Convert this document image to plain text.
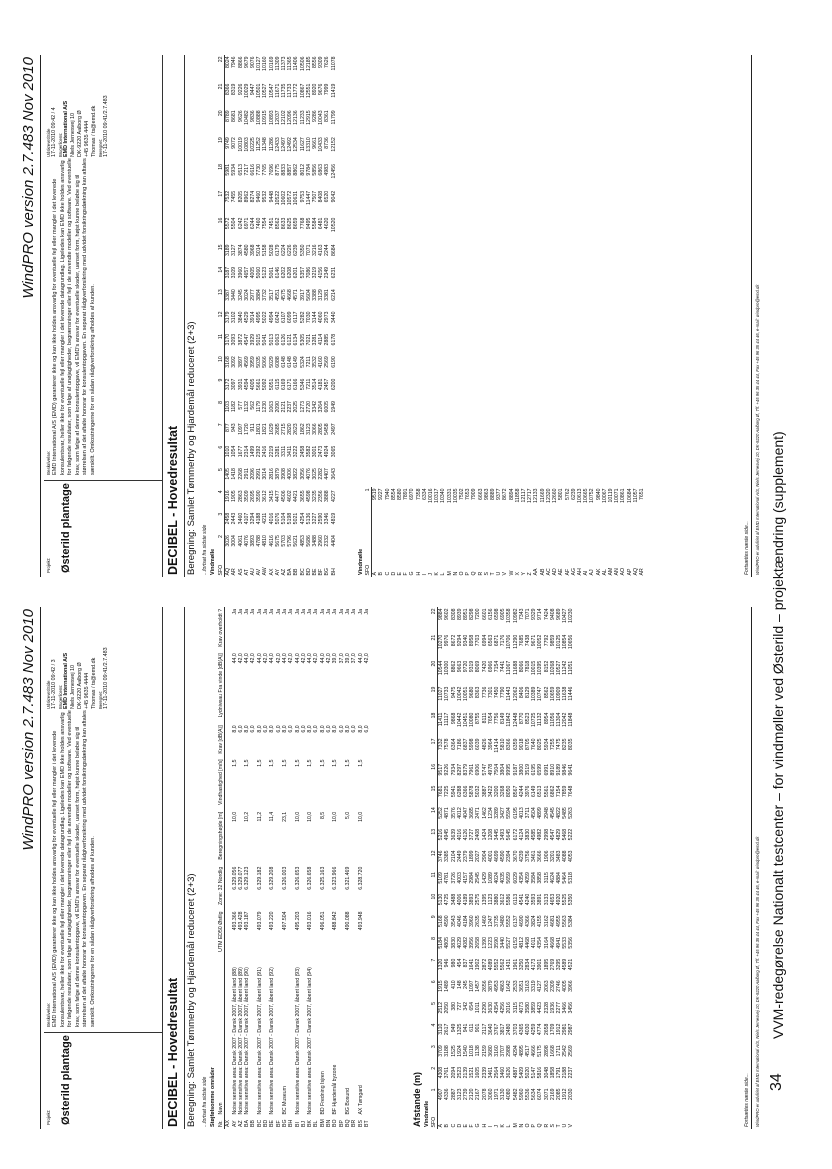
WindPRO version 2.7.483 Nov 2010
Projekt: Østerild plantage
Beskrivelse: EMD International A/S (EMD) garanterer ikke og kan ikke holdes ansvarlig for eventuelle fejl eller mangler i det leverede konsulentsvar, heller ikke for eventuelle fejl eller mangler i det leverede datagrundlag. Ligeledes kan EMD ikke holdes ansvarlig for følgende resultater, som følge af unøjagtigheder, begrænsninger eller fejl i de anvendte modeller og software. Ved eventuelle krav, som følge af denne konsulentopgave, vil EMD's ansvar for eventuelle skader, uanset form, højst kunne beløbe sig til størrelsen af det aftalte honorar for konsulentopgaven. En separat rådgiverforsikring med udvidet forsikringsdækning kan aftales særskilt. Omkostningerne for en sådan rådgiverforsikring afholdes af kunden.
Udskrevet/Side 17-11-2010 09:42 / 3 Brugerlicens: EMD International A/S Niels Jernesvej 10 DK-9220 Aalborg Ø +45 9635 4444 Thomas / ts@emd.dk Beregnet: 17-11-2010 09:41/2.7.483
DECIBEL - Hovedresultat Beregning: Samlet Tømmerby og Hjardemål reduceret (2+3) ...fortsat fra sidste side Støjfølsomme områder Nr.	Navn	UTM ED50 Østlig	Zone: 32 Nordlig	Beregningshøjde [m]	Vindhastighed [m/s]	Krav [dB(A)]	Lydniveau Fra vinde [dB(A)]	Krav overholdt ?
AX								
AY	Noise sensitive area: Dansk 2007 - Dansk 2007, åbent land (88)	493.366	6.329.056	10,0	1,5	8,0	44,0	Ja
AZ	Noise sensitive area: Dansk 2007 - Dansk 2007, åbent land (89)	493.428	6.329.077			6,0	42,0	Ja
BA	Noise sensitive area: Dansk 2007 - Dansk 2007, åbent land (90)	493.187	6.329.123	10,2	1,5	8,0	44,0	Ja
BB						6,0	42,0	Ja
BC	Noise sensitive area: Dansk 2007 - Dansk 2007, åbent land (91)	493.079	6.329.182	11,2	1,5	8,0	44,0	Ja
BD						6,0	42,0	Ja
BE	Noise sensitive area: Dansk 2007 - Dansk 2007, åbent land (92)	493.220	6.329.208	11,4	1,5	8,0	44,0	Ja
BF						6,0	42,0	Ja
BG	BC Museum	497.504	6.326.003	23,1	1,5	8,0	44,0	Ja
BH						6,0	42,0	Ja
BI	Noise sensitive area: Dansk 2007 - Dansk 2007, åbent land (93)	495.203	6.326.653	10,0	1,5	8,0	44,0	Ja
BJ						6,0	42,0	Ja
BK	Noise sensitive area: Dansk 2007 - Dansk 2007, åbent land (94)	493.016	6.326.658	10,0	1,5	8,0	44,0	Ja
BL						6,0	42,0	Ja
BM	BD Fredning Isjren	496.051	6.325.163	8,5	1,5	8,0	44,0	Ja
BN						6,0	42,0	Ja
BO	BF Hjardemål byzone	488.842	6.323.966	10,0	1,5	8,0	39,0	Ja
BP						6,0	37,0	Ja
BQ	BG Bosund	490.088	6.321.469	5,0	1,5	8,0	39,0	Ja
BR						6,0	37,0	Ja
BS	AX Tømgard	493.948	6.328.720	10,0	1,5	8,0	44,0	Ja
BT						6,0	42,0	Ja
Afstande (m) Vindmølle SFO	1	2	3	4	5	6	7	8	9	10	11	12	13	14	15	16	17	18	19	20	21	22
A	4907	4308	3709	3110	2512	1915	1320	5184	5168	5130	5109	3746	5216	5252	7681	9517	7332	11411	11027	10544	10270	9884
B	4336	3761	3188	2617	2050	1489	946	4805	4590	4725	4781	3385	4945	4871	7225	9226	7578	11117	10733	10300	9976	9602
C	2887	2094	1525	949	380	410	980	3830	3543	3488	3726	2104	3639	3576	5941	7934	6364	9868	9475	8862	8672	8308
D	3123	2523	1924	1325	727	148	454	4029	4046	4006	4003	2449	4016	4012	6288	8297	7186	10442	10042	9663	9294	8939
E	2739	2139	1540	941	342	245	837	4082	4184	4189	4157	2379	4126	4047	6366	8379	6837	10451	10051	9720	9340	8951
F	2120	1521	1018	611	654	1097	1641	3956	3960	3893	2984	1899	3727	3685	5878	7961	5998	10080	9680	9319	8958	8298
G	2167	1605	1138	901	1011	1457	1902	2658	2635	2575	2545	2027	2408	2471	5032	6906	6039	8755	8363	8069	7703	7200
H	2078	2339	2159	2117	2290	2656	2872	1390	1460	1395	1429	2904	1424	1462	3887	5747	4826	8111	7736	7420	6994	6601
I	3060	3461	3680	3640	3630	3879	4089	1223	1247	1123	1089	4001	1208	1234	3422	4978	3964	7654	7301	6966	6563	6156
J	1971	2564	3160	3767	4354	4953	5552	3590	3735	3880	4024	4699	3445	3289	3200	7504	11414	7756	7450	7154	6871	6598
K	3130	3460	3707	3817	4256	4863	5562	3440	3480	3612	4035	4590	3493	3427	3268	3804	5810	8149	7790	7441	7176	6905
L	4080	3626	2988	2480	2016	1642	1431	5527	5552	5586	5659	2394	5645	5594	8050	9995	8366	11842	11443	11067	10706	10358
M	5482	4887	4294	3703	3115	2533	1961	6152	6137	6113	6029	3670	6172	6195	8567	9187	6359	12448	12062	11688	11290	10982
N	5960	5409	4895	4365	4073	3651	3250	4812	4690	4541	4354	4239	4124	4013	4244	3800	9018	8770	8406	8066	7685	7343
O	5536	5020	4517	4030	3580	3163	2834	4468	4366	4240	4059	3756	3830	3711	3976	3519	8705	8523	8129	7818	7438	7071
P	5634	5147	4666	4259	3859	3319	4173	4011	3824	3593	3584	3461	4585	4504	6149	6195	7640	10725	10389	10015	9671	9329
Q	6074	5816	5175	4774	4423	4127	3901	4354	4155	3891	3858	3666	4982	4899	6513	6599	8025	11132	10747	10395	10052	9714
R	3071	3048	2898	2658	2328	2063	1895	3164	3162	3133	3115	1906	2998	2948	5561	6991	5934	8954	8562	8152	7792	7424
S	2169	1858	1668	1709	1936	2309	2769	4668	4681	4653	4624	3201	4547	4545	6862	8910	7255	11056	10659	10268	9859	9408
T	2085	1791	1711	1912	2277	2746	3295	4941	4955	4920	4884	3483	4829	4822	7154	9189	7475	11304	10909	10527	10125	9689
U	1912	2188	2542	2981	3466	4005	4589	5533	5563	5525	5464	4088	5468	5485	7859	9846	8235	12042	11638	11242	10854	10427
V	2030	2237	2569	2987	3456	3966	4521	5356	5384	5350	5318	4053	5222	5263	7648	9641	8035	11848	11446	11051	10656	10230
Fortsættes næste side... WindPRO er udviklet af EMD International A/S, Niels Jernesvej 10, DK-9220 Aalborg Ø, Tlf. +45 96 35 44 44, Fax +45 96 35 44 46, e-mail: windpro@emd.dk
WindPRO version 2.7.483 Nov 2010
Projekt: Østerild plantage
Beskrivelse: EMD International A/S (EMD) garanterer ikke og kan ikke holdes ansvarlig for eventuelle fejl eller mangler i det leverede konsulentsvar, heller ikke for eventuelle fejl eller mangler i det leverede datagrundlag. Ligeledes kan EMD ikke holdes ansvarlig for følgende resultater, som følge af unøjagtigheder, begrænsninger eller fejl i de anvendte modeller og software. Ved eventuelle krav, som følge af denne konsulentopgave, vil EMD's ansvar for eventuelle skader, uanset form, højst kunne beløbe sig til størrelsen af det aftalte honorar for konsulentopgaven. En separat rådgiverforsikring med udvidet forsikringsdækning kan aftales særskilt. Omkostningerne for en sådan rådgiverforsikring afholdes af kunden.
Udskrevet/Side 17-11-2010 09:42 / 4 Brugerlicens: EMD International A/S Niels Jernesvej 10 DK-9220 Aalborg Ø +45 9635 4444 Thomas / ts@emd.dk Beregnet: 17-11-2010 09:41/2.7.483
DECIBEL - Hovedresultat Beregning: Samlet Tømmerby og Hjardemål reduceret (2+3) ...fortsat fra sidste side Vindmølle SFO	2	3	4	5	6	7	8	9	10	11	12	13	14	15	16	17	18	19	20	21	22
AQ	3026	2458	1916	1405	1010	877	1103	3172	3168	3170	3179	3387	3187	3189	5572	7532	5981	9749	8789	8366	8024
AR	3004	2443	1905	1418	1054	943	1182	3097	3092	3093	3102	3440	3109	3127	5504	7455	5934	9072	8681	8319	7946
AS	4061	3460	2863	2268	1677	1097	577	3931	3897	3872	3840	3245	3960	3874	6242	8205	6513	10019	9626	9226	8866
AT	4076	4107	3509	2911	2314	1720	1132	4594	4569	4547	4529	3024	4657	4580	6971	8962	7217	10803	10482	10029	9679
AU	3893	3294	2695	2096	1499	911	562	4005	3959	3929	3914	2977	4005	3968	6244	8274	6616	10225	9836	9447	9076
AV	4788	4188	3590	2991	2392	1801	1179	5661	5035	5015	4995	3884	5060	5014	7460	9460	7730	11252	10888	10501	10127
AW	4810	4211	3612	3014	2416	1821	1230	5092	5066	5041	5022	3732	5123	5158	7554	9532	7765	11348	10915	10527	10160
AX	4616	4016	3415	2816	2219	1629	1063	5051	5029	5013	4994	3517	5061	5028	7451	9448	7696	11286	10893	10547	10169
AY	5675	5076	4477	3879	3281	2685	2090	6115	6088	6063	6042	4551	6146	6179	8562	10522	8775	12433	12037	11671	11309
AZ	5703	5104	4506	3908	3311	2715	2121	6169	6148	6126	6107	4575	6202	6224	8633	10602	8833	12497	12102	11735	11373
BA	5796	5198	4602	4006	3411	2820	2237	6171	6148	6121	6099	4668	6208	6226	8625	10572	8857	12492	12096	11733	11365
BB	5621	5021	4421	3822	3222	2623	2025	6166	6149	6134	6117	4571	6201	6239	8659	10631	8862	12534	12136	11772	11406
BC	4853	4254	3655	3056	2458	1862	1273	5346	5324	5305	5282	3917	5357	5350	7768	9753	8012	11627	11233	10867	10506
BD	5686	5136	4598	4076	3582	3123	2720	7211	7211	7021	7030	5604	7086	7071	9495	11447	9784	13310	12915	12551	12185
BE	3488	3227	3235	3025	3001	3066	3342	3514	3532	3281	3144	3388	3219	3216	5584	7507	5856	9661	9286	8920	8556
BF	2960	2590	2356	2282	2473	2805	3264	4181	4160	4114	4060	3129	4156	4163	6481	8408	6863	10433	10043	9676	9309
BG	2332	3346	3888	4407	4924	5458	6005	2457	2569	2885	2973	3381	2349	2244	4620	6520	4983	8736	8361	7999	7626
BH	4404	4819	4227	3643	3065	2497	1949	6200	6190	6178	3440	6214	6231	8684	10520	9042	12456	12152	11799	11419	11078
Vindmølle SFO	1
A	9519
B	9227
C	7940
D	8554
E	8580
F	7891
G	6970
H	7358
I	6334
J	10016
K	10317
L	10340
M	10331
N	10035
O	7502
P	7653
Q	7909
R	6663
S	9863
T	8889
U	9377
V	8672
W	8894
X	11858
Y	12117
Z	12717
AA	12133
AB	11669
AC	12320
AD	12660
AE	5801
AF	5762
AG	6239
AH	10613
AI	10665
AJ	10752
AK	9840
AL	10067
AM	10119
AN	10071
AO	10861
AP	10684
AQ	11057
AR	7651
Fortsættes næste side... WindPRO er udviklet af EMD International A/S, Niels Jernesvej 10, DK-9220 Aalborg Ø, Tlf. +45 96 35 44 44, Fax +45 96 35 44 46, e-mail: windpro@emd.dk
34
VVM-redegørelse Nationalt testcenter – for vindmøller ved Østerild – projektændring (supplement)
